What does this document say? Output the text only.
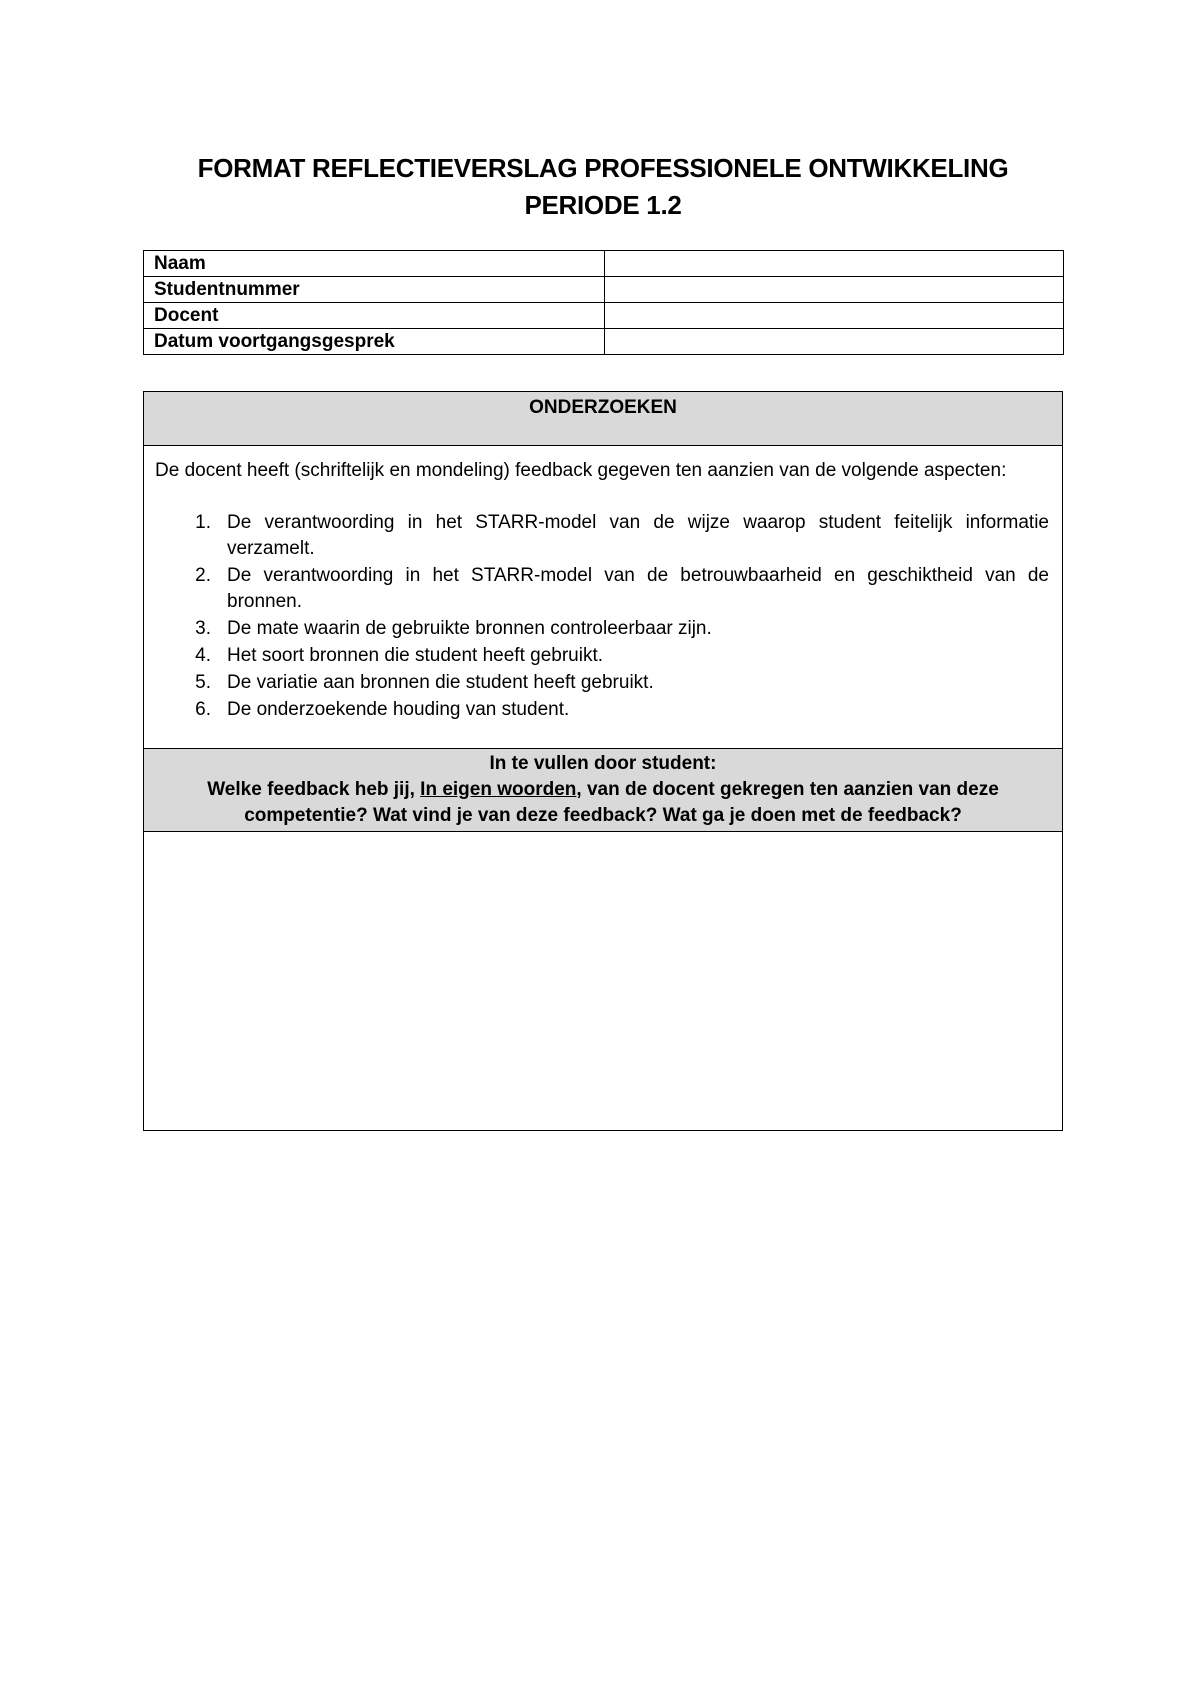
FORMAT REFLECTIEVERSLAG PROFESSIONELE ONTWIKKELING
PERIODE 1.2
Naam	
Studentnummer	
Docent	
Datum voortgangsgesprek	
ONDERZOEKEN

De docent heeft (schriftelijk en mondeling) feedback gegeven ten aanzien van de volgende aspecten:

1. De verantwoording in het STARR-model van de wijze waarop student feitelijk informatie verzamelt.
2. De verantwoording in het STARR-model van de betrouwbaarheid en geschiktheid van de bronnen.
3. De mate waarin de gebruikte bronnen controleerbaar zijn.
4. Het soort bronnen die student heeft gebruikt.
5. De variatie aan bronnen die student heeft gebruikt.
6. De onderzoekende houding van student.
In te vullen door student:
Welke feedback heb jij, In eigen woorden, van de docent gekregen ten aanzien van deze competentie? Wat vind je van deze feedback? Wat ga je doen met de feedback?
